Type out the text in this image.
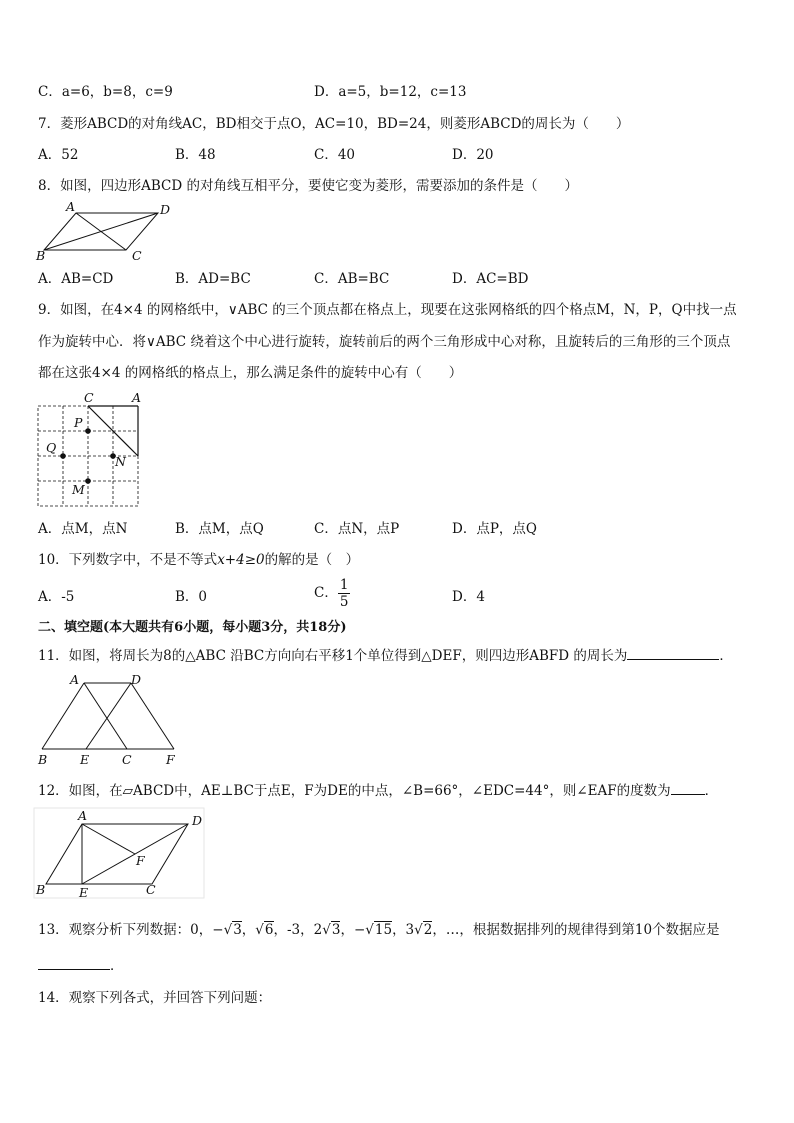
C．a=6，b=8，c=9	D．a=5，b=12，c=13
7．菱形ABCD的对角线AC，BD相交于点O，AC=10，BD=24，则菱形ABCD的周长为（　　）
A．52	B．48	C．40	D．20
8．如图，四边形ABCD 的对角线互相平分，要使它变为菱形，需要添加的条件是（　　）
A	D
B	C
A．AB=CD	B．AD=BC	C．AB=BC	D．AC=BD
9．如图，在4×4 的网格纸中，∨ABC 的三个顶点都在格点上，现要在这张网格纸的四个格点M，N，P，Q中找一点
作为旋转中心．将∨ABC 绕着这个中心进行旋转，旋转前后的两个三角形成中心对称，且旋转后的三角形的三个顶点
都在这张4×4 的网格纸的格点上，那么满足条件的旋转中心有（　　）
C	A
P
Q
N
M
A．点M，点N	B．点M，点Q	C．点N，点P	D．点P，点Q
10．下列数字中，不是不等式x+4≥0的解的是（　）
A．-5	B．0	C． $\frac{1}{5}$	D．4
二、填空题(本大题共有6小题，每小题3分，共18分)
11．如图，将周长为8的△ABC 沿BC方向向右平移1个单位得到△DEF，则四边形ABFD 的周长为	．
A	D
B	E	C	F
12．如图，在▱ABCD中，AE⊥BC于点E，F为DE的中点，∠B=66°，∠EDC=44°，则∠EAF的度数为	．
A	D
F
B	E	C
13．观察分析下列数据：0，−√3，√6，-3，2√3，−√15，3√2，…，根据数据排列的规律得到第10个数据应是
．
14．观察下列各式，并回答下列问题：
